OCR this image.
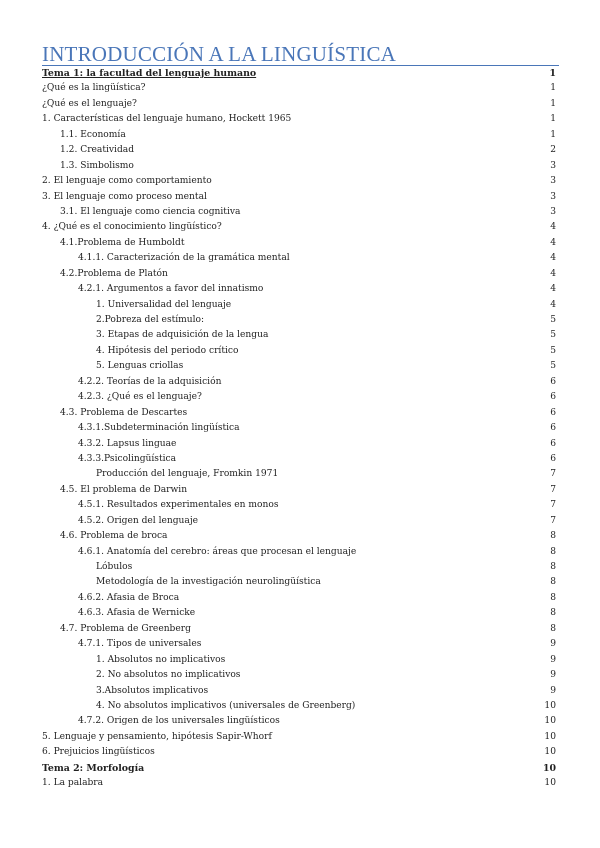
INTRODUCCIÓN A LA LINGUÍSTICA
Tema 1: la facultad del lenguaje humano	1
¿Qué es la lingüística?	1
¿Qué es el lenguaje?	1
1. Características del lenguaje humano, Hockett 1965	1
1.1. Economía	1
1.2. Creatividad	2
1.3. Simbolismo	3
2. El lenguaje como comportamiento	3
3. El lenguaje como proceso mental	3
3.1. El lenguaje como ciencia cognitiva	3
4. ¿Qué es el conocimiento lingüístico?	4
4.1.Problema de Humboldt	4
4.1.1. Caracterización de la gramática mental	4
4.2.Problema de Platón	4
4.2.1. Argumentos a favor del innatismo	4
1. Universalidad del lenguaje	4
2.Pobreza del estímulo:	5
3. Etapas de adquisición de la lengua	5
4. Hipótesis del periodo crítico	5
5. Lenguas criollas	5
4.2.2. Teorías de la adquisición	6
4.2.3. ¿Qué es el lenguaje?	6
4.3. Problema de Descartes	6
4.3.1.Subdeterminación lingüística	6
4.3.2. Lapsus linguae	6
4.3.3.Psicolingüística	6
Producción del lenguaje, Fromkin 1971	7
4.5. El problema de Darwin	7
4.5.1. Resultados experimentales en monos	7
4.5.2. Origen del lenguaje	7
4.6. Problema de broca	8
4.6.1. Anatomía del cerebro: áreas que procesan el lenguaje	8
Lóbulos	8
Metodología de la investigación neurolingüística	8
4.6.2. Afasia de Broca	8
4.6.3. Afasia de Wernicke	8
4.7. Problema de Greenberg	8
4.7.1. Tipos de universales	9
1. Absolutos no implicativos	9
2. No absolutos no implicativos	9
3.Absolutos implicativos	9
4. No absolutos implicativos (universales de Greenberg)	10
4.7.2. Origen de los universales lingüísticos	10
5. Lenguaje y pensamiento, hipótesis Sapir-Whorf	10
6. Prejuicios lingüísticos	10
Tema 2: Morfología	10
1. La palabra	10
